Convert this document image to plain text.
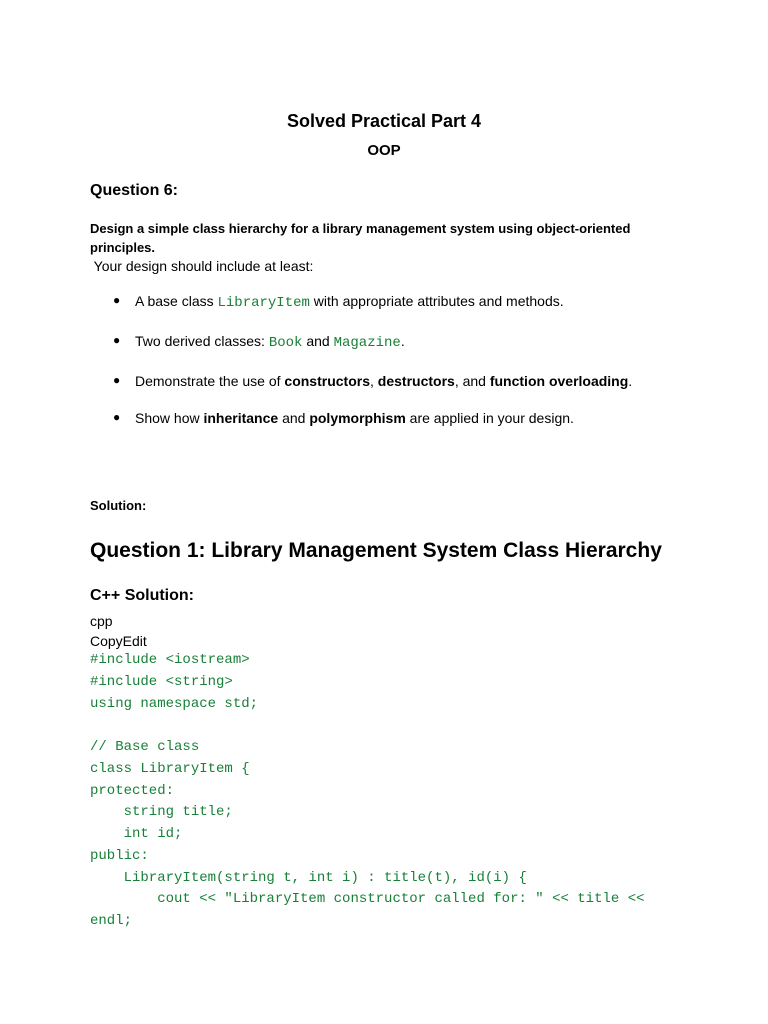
Solved Practical Part 4
OOP
Question 6:

Design a simple class hierarchy for a library management system using object-oriented principles.

Your design should include at least:

● A base class LibraryItem with appropriate attributes and methods.
● Two derived classes: Book and Magazine.
● Demonstrate the use of constructors, destructors, and function overloading.
● Show how inheritance and polymorphism are applied in your design.
Solution:
Question 1: Library Management System Class Hierarchy
C++ Solution:
cpp
CopyEdit
#include <iostream>
#include <string>
using namespace std;
// Base class
class LibraryItem {
protected:
string title;
int id;
public:
LibraryItem(string t, int i) : title(t), id(i) {
cout << "LibraryItem constructor called for: " << title <<
endl;
